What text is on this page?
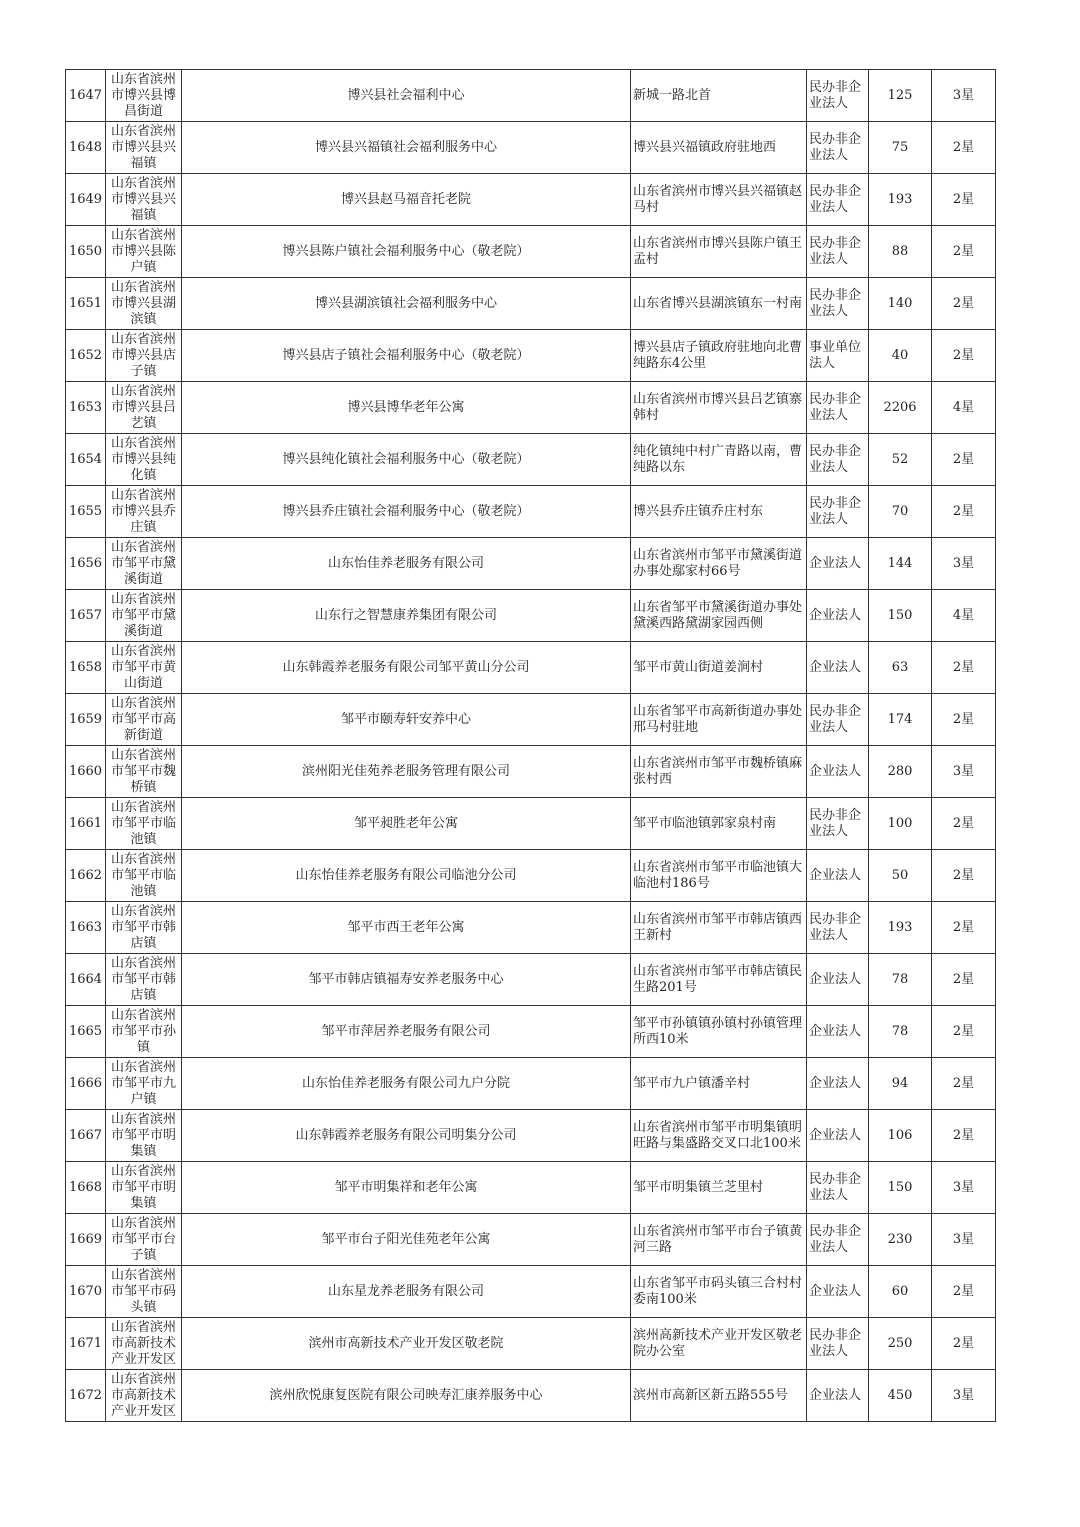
1647	山东省滨州市博兴县博昌街道	博兴县社会福利中心	新城一路北首	民办非企业法人	125	3星
1648	山东省滨州市博兴县兴福镇	博兴县兴福镇社会福利服务中心	博兴县兴福镇政府驻地西	民办非企业法人	75	2星
1649	山东省滨州市博兴县兴福镇	博兴县赵马福音托老院	山东省滨州市博兴县兴福镇赵马村	民办非企业法人	193	2星
1650	山东省滨州市博兴县陈户镇	博兴县陈户镇社会福利服务中心（敬老院）	山东省滨州市博兴县陈户镇王孟村	民办非企业法人	88	2星
1651	山东省滨州市博兴县湖滨镇	博兴县湖滨镇社会福利服务中心	山东省博兴县湖滨镇东一村南	民办非企业法人	140	2星
1652	山东省滨州市博兴县店子镇	博兴县店子镇社会福利服务中心（敬老院）	博兴县店子镇政府驻地向北曹纯路东4公里	事业单位法人	40	2星
1653	山东省滨州市博兴县吕艺镇	博兴县博华老年公寓	山东省滨州市博兴县吕艺镇寨韩村	民办非企业法人	2206	4星
1654	山东省滨州市博兴县纯化镇	博兴县纯化镇社会福利服务中心（敬老院）	纯化镇纯中村广青路以南，曹纯路以东	民办非企业法人	52	2星
1655	山东省滨州市博兴县乔庄镇	博兴县乔庄镇社会福利服务中心（敬老院）	博兴县乔庄镇乔庄村东	民办非企业法人	70	2星
1656	山东省滨州市邹平市黛溪街道	山东怡佳养老服务有限公司	山东省滨州市邹平市黛溪街道办事处鄢家村66号	企业法人	144	3星
1657	山东省滨州市邹平市黛溪街道	山东行之智慧康养集团有限公司	山东省邹平市黛溪街道办事处黛溪西路黛湖家园西侧	企业法人	150	4星
1658	山东省滨州市邹平市黄山街道	山东韩霞养老服务有限公司邹平黄山分公司	邹平市黄山街道姜涧村	企业法人	63	2星
1659	山东省滨州市邹平市高新街道	邹平市颐寿轩安养中心	山东省邹平市高新街道办事处邢马村驻地	民办非企业法人	174	2星
1660	山东省滨州市邹平市魏桥镇	滨州阳光佳苑养老服务管理有限公司	山东省滨州市邹平市魏桥镇麻张村西	企业法人	280	3星
1661	山东省滨州市邹平市临池镇	邹平昶胜老年公寓	邹平市临池镇郭家泉村南	民办非企业法人	100	2星
1662	山东省滨州市邹平市临池镇	山东怡佳养老服务有限公司临池分公司	山东省滨州市邹平市临池镇大临池村186号	企业法人	50	2星
1663	山东省滨州市邹平市韩店镇	邹平市西王老年公寓	山东省滨州市邹平市韩店镇西王新村	民办非企业法人	193	2星
1664	山东省滨州市邹平市韩店镇	邹平市韩店镇福寿安养老服务中心	山东省滨州市邹平市韩店镇民生路201号	企业法人	78	2星
1665	山东省滨州市邹平市孙镇	邹平市萍居养老服务有限公司	邹平市孙镇镇孙镇村孙镇管理所西10米	企业法人	78	2星
1666	山东省滨州市邹平市九户镇	山东怡佳养老服务有限公司九户分院	邹平市九户镇潘辛村	企业法人	94	2星
1667	山东省滨州市邹平市明集镇	山东韩霞养老服务有限公司明集分公司	山东省滨州市邹平市明集镇明旺路与集盛路交叉口北100米	企业法人	106	2星
1668	山东省滨州市邹平市明集镇	邹平市明集祥和老年公寓	邹平市明集镇兰芝里村	民办非企业法人	150	3星
1669	山东省滨州市邹平市台子镇	邹平市台子阳光佳苑老年公寓	山东省滨州市邹平市台子镇黄河三路	民办非企业法人	230	3星
1670	山东省滨州市邹平市码头镇	山东星龙养老服务有限公司	山东省邹平市码头镇三合村村委南100米	企业法人	60	2星
1671	山东省滨州市高新技术产业开发区	滨州市高新技术产业开发区敬老院	滨州高新技术产业开发区敬老院办公室	民办非企业法人	250	2星
1672	山东省滨州市高新技术产业开发区	滨州欣悦康复医院有限公司映寿汇康养服务中心	滨州市高新区新五路555号	企业法人	450	3星
